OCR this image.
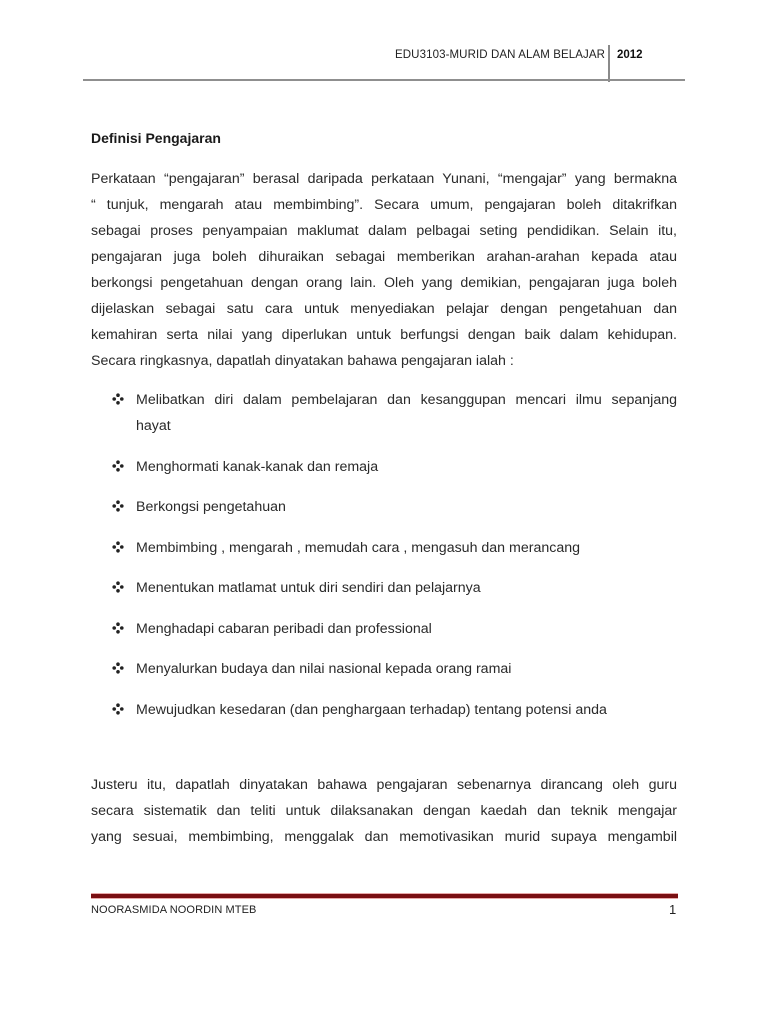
EDU3103-MURID DAN ALAM BELAJAR 2012
Definisi Pengajaran
Perkataan “pengajaran” berasal daripada perkataan Yunani, “mengajar” yang bermakna
“ tunjuk, mengarah atau membimbing”. Secara umum, pengajaran boleh ditakrifkan
sebagai proses penyampaian maklumat dalam pelbagai seting pendidikan. Selain itu,
pengajaran juga boleh dihuraikan sebagai memberikan arahan-arahan kepada atau
berkongsi pengetahuan dengan orang lain. Oleh yang demikian, pengajaran juga boleh
dijelaskan sebagai satu cara untuk menyediakan pelajar dengan pengetahuan dan
kemahiran serta nilai yang diperlukan untuk berfungsi dengan baik dalam kehidupan.
Secara ringkasnya, dapatlah dinyatakan bahawa pengajaran ialah :
Melibatkan diri dalam pembelajaran dan kesanggupan mencari ilmu sepanjang
hayat
Menghormati kanak-kanak dan remaja
Berkongsi pengetahuan
Membimbing , mengarah , memudah cara , mengasuh dan merancang
Menentukan matlamat untuk diri sendiri dan pelajarnya
Menghadapi cabaran peribadi dan professional
Menyalurkan budaya dan nilai nasional kepada orang ramai
Mewujudkan kesedaran (dan penghargaan terhadap) tentang potensi anda
Justeru itu, dapatlah dinyatakan bahawa pengajaran sebenarnya dirancang oleh guru
secara sistematik dan teliti untuk dilaksanakan dengan kaedah dan teknik mengajar
yang sesuai, membimbing, menggalak dan memotivasikan murid supaya mengambil
NOORASMIDA NOORDIN MTEB	1
